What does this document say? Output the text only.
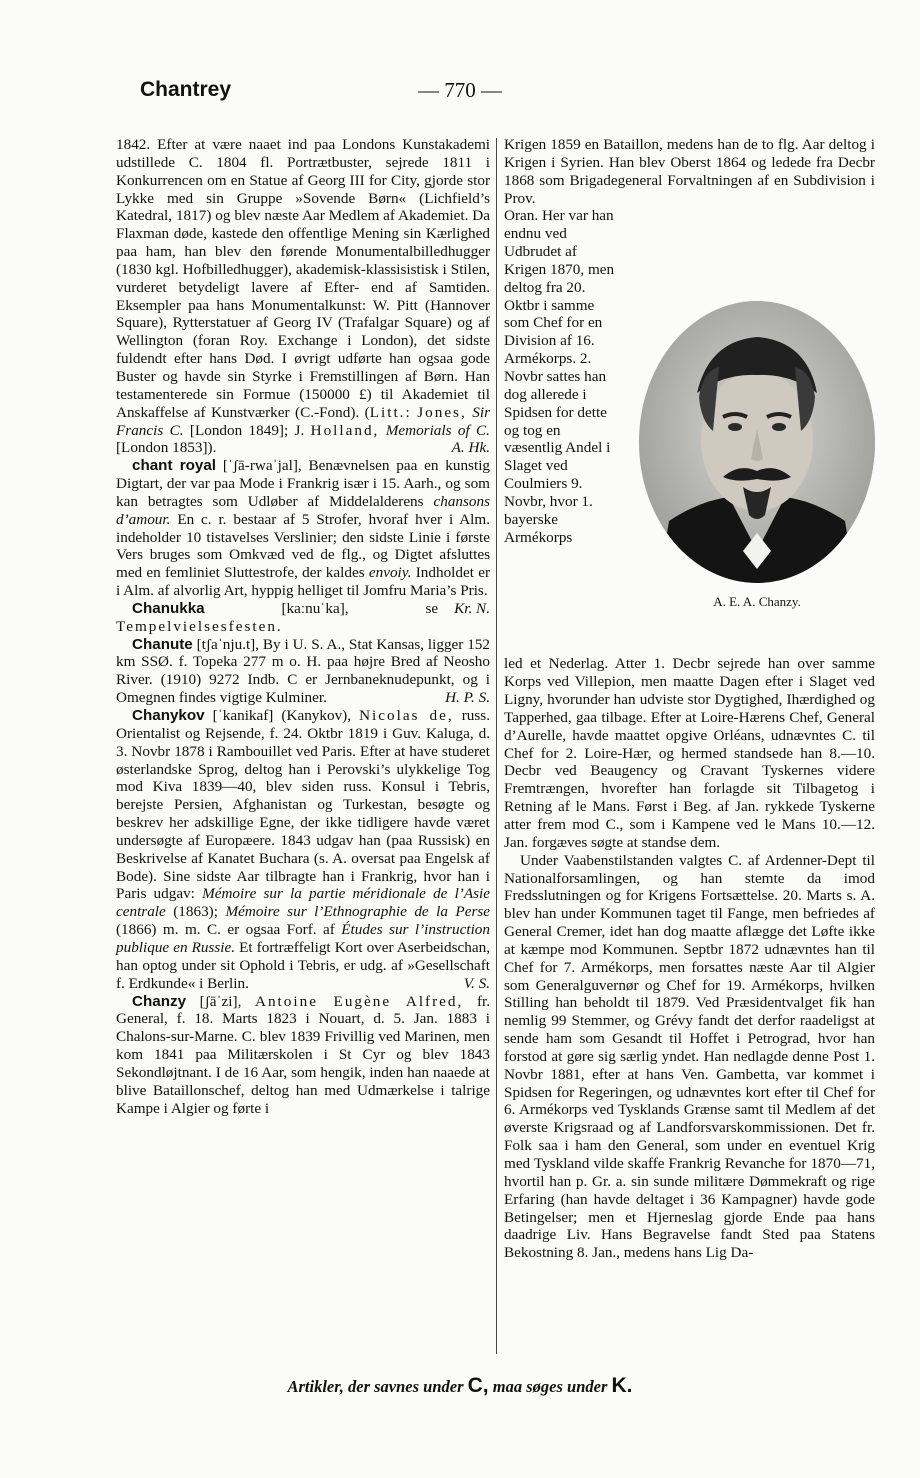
Chantrey	— 770 —

1842. Efter at være naaet ind paa Londons Kunstakademi udstillede C. 1804 fl. Portrætbuster, sejrede 1811 i Konkurrencen om en Statue af Georg III for City, gjorde stor Lykke med sin Gruppe »Sovende Børn« (Lichfield’s Katedral, 1817) og blev næste Aar Medlem af Akademiet. Da Flaxman døde, kastede den offentlige Mening sin Kærlighed paa ham, han blev den førende Monumentalbilledhugger (1830 kgl. Hofbilledhugger), akademisk-klassisistisk i Stilen, vurderet betydeligt lavere af Efter- end af Samtiden. Eksempler paa hans Monumentalkunst: W. Pitt (Hannover Square), Rytterstatuer af Georg IV (Trafalgar Square) og af Wellington (foran Roy. Exchange i London), det sidste fuldendt efter hans Død. I øvrigt udførte han ogsaa gode Buster og havde sin Styrke i Fremstillingen af Børn. Han testamenterede sin Formue (150000 £) til Akademiet til Anskaffelse af Kunstværker (C.-Fond). (Litt.: Jones, Sir Francis C. [London 1849]; J. Holland, Memorials of C. [London 1853]).	A. Hk.

chant royal [ˈʃā-rwaˈjal], Benævnelsen paa en kunstig Digtart, der var paa Mode i Frankrig især i 15. Aarh., og som kan betragtes som Udløber af Middelalderens chansons d’amour. En c. r. bestaar af 5 Strofer, hvoraf hver i Alm. indeholder 10 tistavelses Verslinier; den sidste Linie i første Vers bruges som Omkvæd ved de flg., og Digtet afsluttes med en femliniet Sluttestrofe, der kaldes envoiy. Indholdet er i Alm. af alvorlig Art, hyppig helliget til Jomfru Maria’s Pris.
Kr. N.

Chanukka	[kaːnuˈka], se Tempelvielsesfesten.

Chanute [tʃaˈnju.t], By i U. S. A., Stat Kansas, ligger 152 km SSØ. f. Topeka 277 m o. H. paa højre Bred af Neosho River. (1910) 9272 Indb. C er Jernbaneknudepunkt, og i Omegnen findes vigtige Kulminer.	H. P. S.

Chanykov [ˈkanikaf] (Kanykov), Nicolas de, russ. Orientalist og Rejsende, f. 24. Oktbr 1819 i Guv. Kaluga, d. 3. Novbr 1878 i Rambouillet ved Paris. Efter at have studeret østerlandske Sprog, deltog han i Perovski’s ulykkelige Tog mod Kiva 1839—40, blev siden russ. Konsul i Tebris, berejste Persien, Afghanistan og Turkestan, besøgte og beskrev her adskillige Egne, der ikke tidligere havde været undersøgte af Europæere. 1843 udgav han (paa Russisk) en Beskrivelse af Kanatet Buchara (s. A. oversat paa Engelsk af Bode). Sine sidste Aar tilbragte han i Frankrig, hvor han i Paris udgav: Mémoire sur la partie méridionale de l’Asie centrale (1863); Mémoire sur l’Ethnographie de la Perse (1866) m. m. C. er ogsaa Forf. af Études sur l’instruction publique en Russie. Et fortræffeligt Kort over Aserbeidschan, han optog under sit Ophold i Tebris, er udg. af »Gesellschaft f. Erdkunde« i Berlin.	V. S.

Chanzy [ʃāˈzi], Antoine Eugène Alfred, fr. General, f. 18. Marts 1823 i Nouart, d. 5. Jan. 1883 i Chalons-sur-Marne. C. blev 1839 Frivillig ved Marinen, men kom 1841 paa Militærskolen i St Cyr og blev 1843 Sekondløjtnant. I de 16 Aar, som hengik, inden han naaede at blive Bataillonschef, deltog han med Udmærkelse i talrige Kampe i Algier og førte i

Krigen 1859 en Bataillon, medens han de to flg. Aar deltog i Krigen i Syrien. Han blev Oberst 1864 og ledede fra Decbr 1868 som Brigadegeneral Forvaltningen af en Subdivision i Prov.

Oran. Her var han endnu ved Udbrudet af Krigen 1870, men deltog fra 20. Oktbr i samme som Chef for en Division af 16. Armékorps. 2. Novbr sattes han dog allerede i Spidsen for dette og tog en væsentlig Andel i Slaget ved Coulmiers 9. Novbr, hvor 1. bayerske Armékorps

A. E. A. Chanzy.

led et Nederlag. Atter 1. Decbr sejrede han over samme Korps ved Villepion, men maatte Dagen efter i Slaget ved Ligny, hvorunder han udviste stor Dygtighed, Ihærdighed og Tapperhed, gaa tilbage. Efter at Loire-Hærens Chef, General d’Aurelle, havde maattet opgive Orléans, udnævntes C. til Chef for 2. Loire-Hær, og hermed standsede han 8.—10. Decbr ved Beaugency og Cravant Tyskernes videre Fremtrængen, hvorefter han forlagde sit Tilbagetog i Retning af le Mans. Først i Beg. af Jan. rykkede Tyskerne atter frem mod C., som i Kampene ved le Mans 10.—12. Jan. forgæves søgte at standse dem.

Under Vaabenstilstanden valgtes C. af Ardenner-Dept til Nationalforsamlingen, og han stemte da imod Fredsslutningen og for Krigens Fortsættelse. 20. Marts s. A. blev han under Kommunen taget til Fange, men befriedes af General Cremer, idet han dog maatte aflægge det Løfte ikke at kæmpe mod Kommunen. Septbr 1872 udnævntes han til Chef for 7. Armékorps, men forsattes næste Aar til Algier som Generalguvernør og Chef for 19. Armékorps, hvilken Stilling han beholdt til 1879. Ved Præsidentvalget fik han nemlig 99 Stemmer, og Grévy fandt det derfor raadeligst at sende ham som Gesandt til Hoffet i Petrograd, hvor han forstod at gøre sig særlig yndet. Han nedlagde denne Post 1. Novbr 1881, efter at hans Ven. Gambetta, var kommet i Spidsen for Regeringen, og udnævntes kort efter til Chef for 6. Armékorps ved Tysklands Grænse samt til Medlem af det øverste Krigsraad og af Landforsvarskommissionen. Det fr. Folk saa i ham den General, som under en eventuel Krig med Tyskland vilde skaffe Frankrig Revanche for 1870—71, hvortil han p. Gr. a. sin sunde militære Dømmekraft og rige Erfaring (han havde deltaget i 36 Kampagner) havde gode Betingelser; men et Hjerneslag gjorde Ende paa hans daadrige Liv. Hans Begravelse fandt Sted paa Statens Bekostning 8. Jan., medens hans Lig Da-

Artikler, der savnes under C, maa søges under K.
